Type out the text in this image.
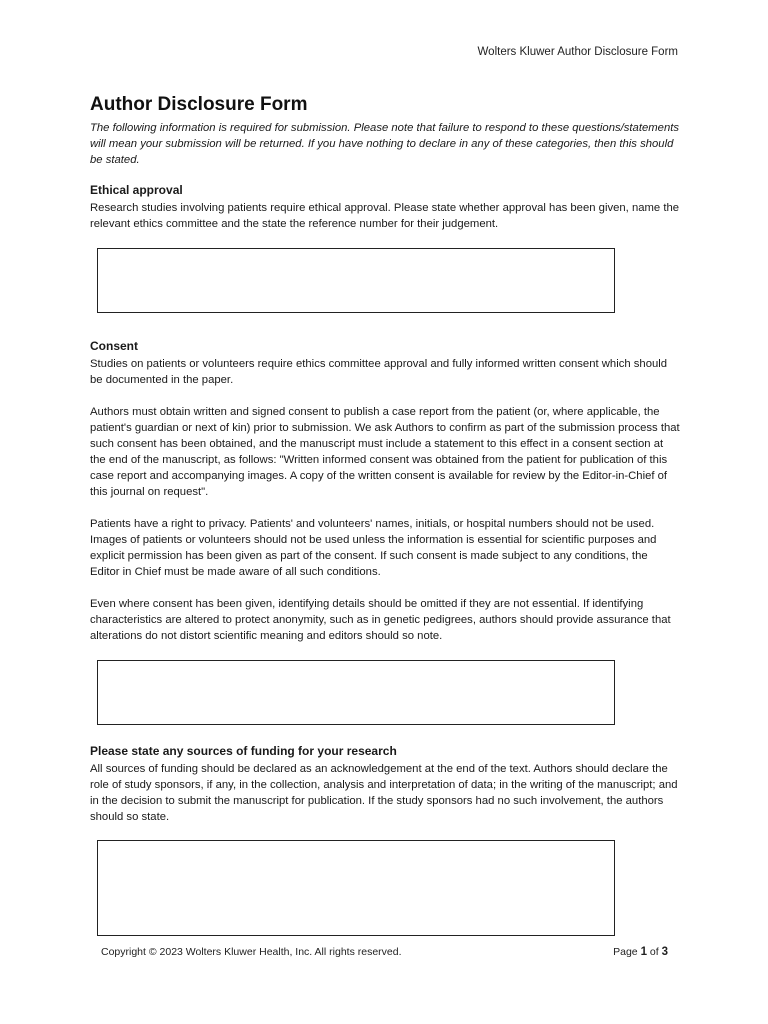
Wolters Kluwer Author Disclosure Form
Author Disclosure Form

The following information is required for submission. Please note that failure to respond to these questions/statements will mean your submission will be returned. If you have nothing to declare in any of these categories, then this should be stated.

Ethical approval

Research studies involving patients require ethical approval. Please state whether approval has been given, name the relevant ethics committee and the state the reference number for their judgement.

Consent

Studies on patients or volunteers require ethics committee approval and fully informed written consent which should be documented in the paper.

Authors must obtain written and signed consent to publish a case report from the patient (or, where applicable, the patient's guardian or next of kin) prior to submission. We ask Authors to confirm as part of the submission process that such consent has been obtained, and the manuscript must include a statement to this effect in a consent section at the end of the manuscript, as follows: "Written informed consent was obtained from the patient for publication of this case report and accompanying images. A copy of the written consent is available for review by the Editor-in-Chief of this journal on request".

Patients have a right to privacy. Patients' and volunteers' names, initials, or hospital numbers should not be used. Images of patients or volunteers should not be used unless the information is essential for scientific purposes and explicit permission has been given as part of the consent. If such consent is made subject to any conditions, the Editor in Chief must be made aware of all such conditions.

Even where consent has been given, identifying details should be omitted if they are not essential. If identifying characteristics are altered to protect anonymity, such as in genetic pedigrees, authors should provide assurance that alterations do not distort scientific meaning and editors should so note.

Please state any sources of funding for your research

All sources of funding should be declared as an acknowledgement at the end of the text. Authors should declare the role of study sponsors, if any, in the collection, analysis and interpretation of data; in the writing of the manuscript; and in the decision to submit the manuscript for publication. If the study sponsors had no such involvement, the authors should so state.

Copyright © 2023 Wolters Kluwer Health, Inc. All rights reserved.	Page 1 of 3
